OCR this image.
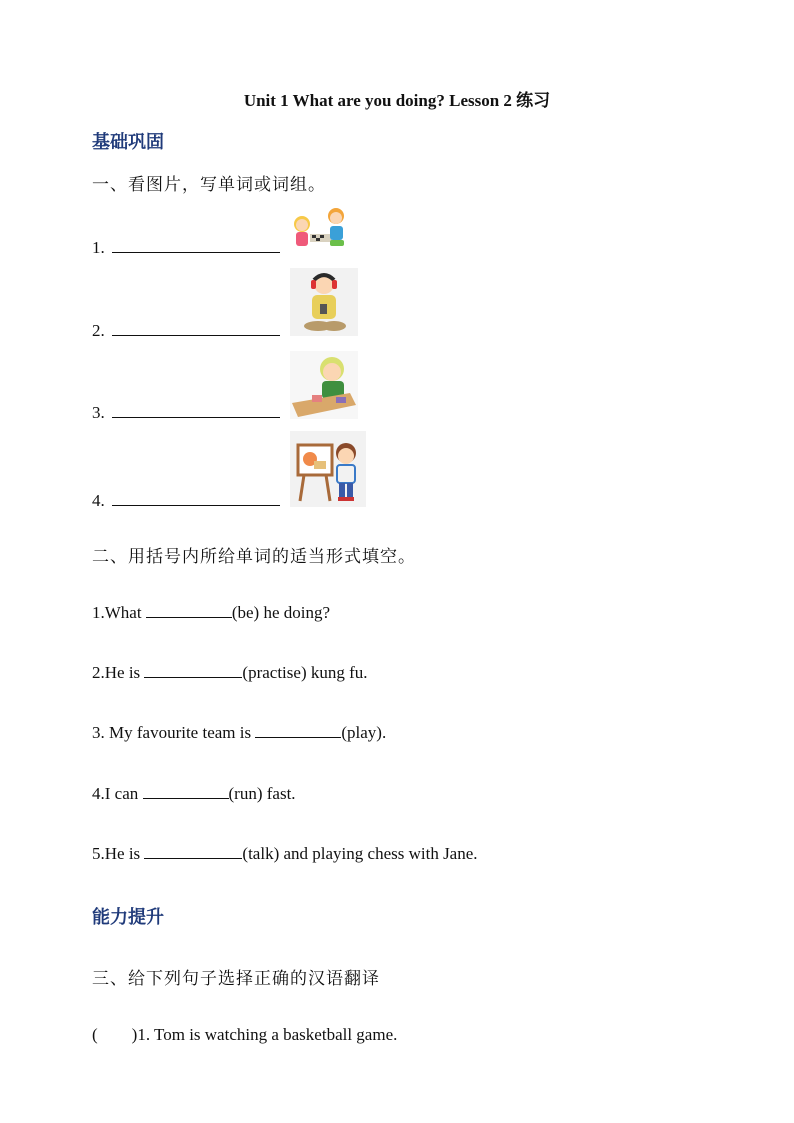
Unit 1 What are you doing? Lesson 2 练习
基础巩固
一、看图片，写单词或词组。
1.
2.
3.
4.
二、用括号内所给单词的适当形式填空。
1.What	(be) he doing?
2.He is	(practise) kung fu.
3. My favourite team is	(play).
4.I can	(run) fast.
5.He is	(talk) and playing chess with Jane.
能力提升
三、给下列句子选择正确的汉语翻译
(        )1. Tom is watching a basketball game.
